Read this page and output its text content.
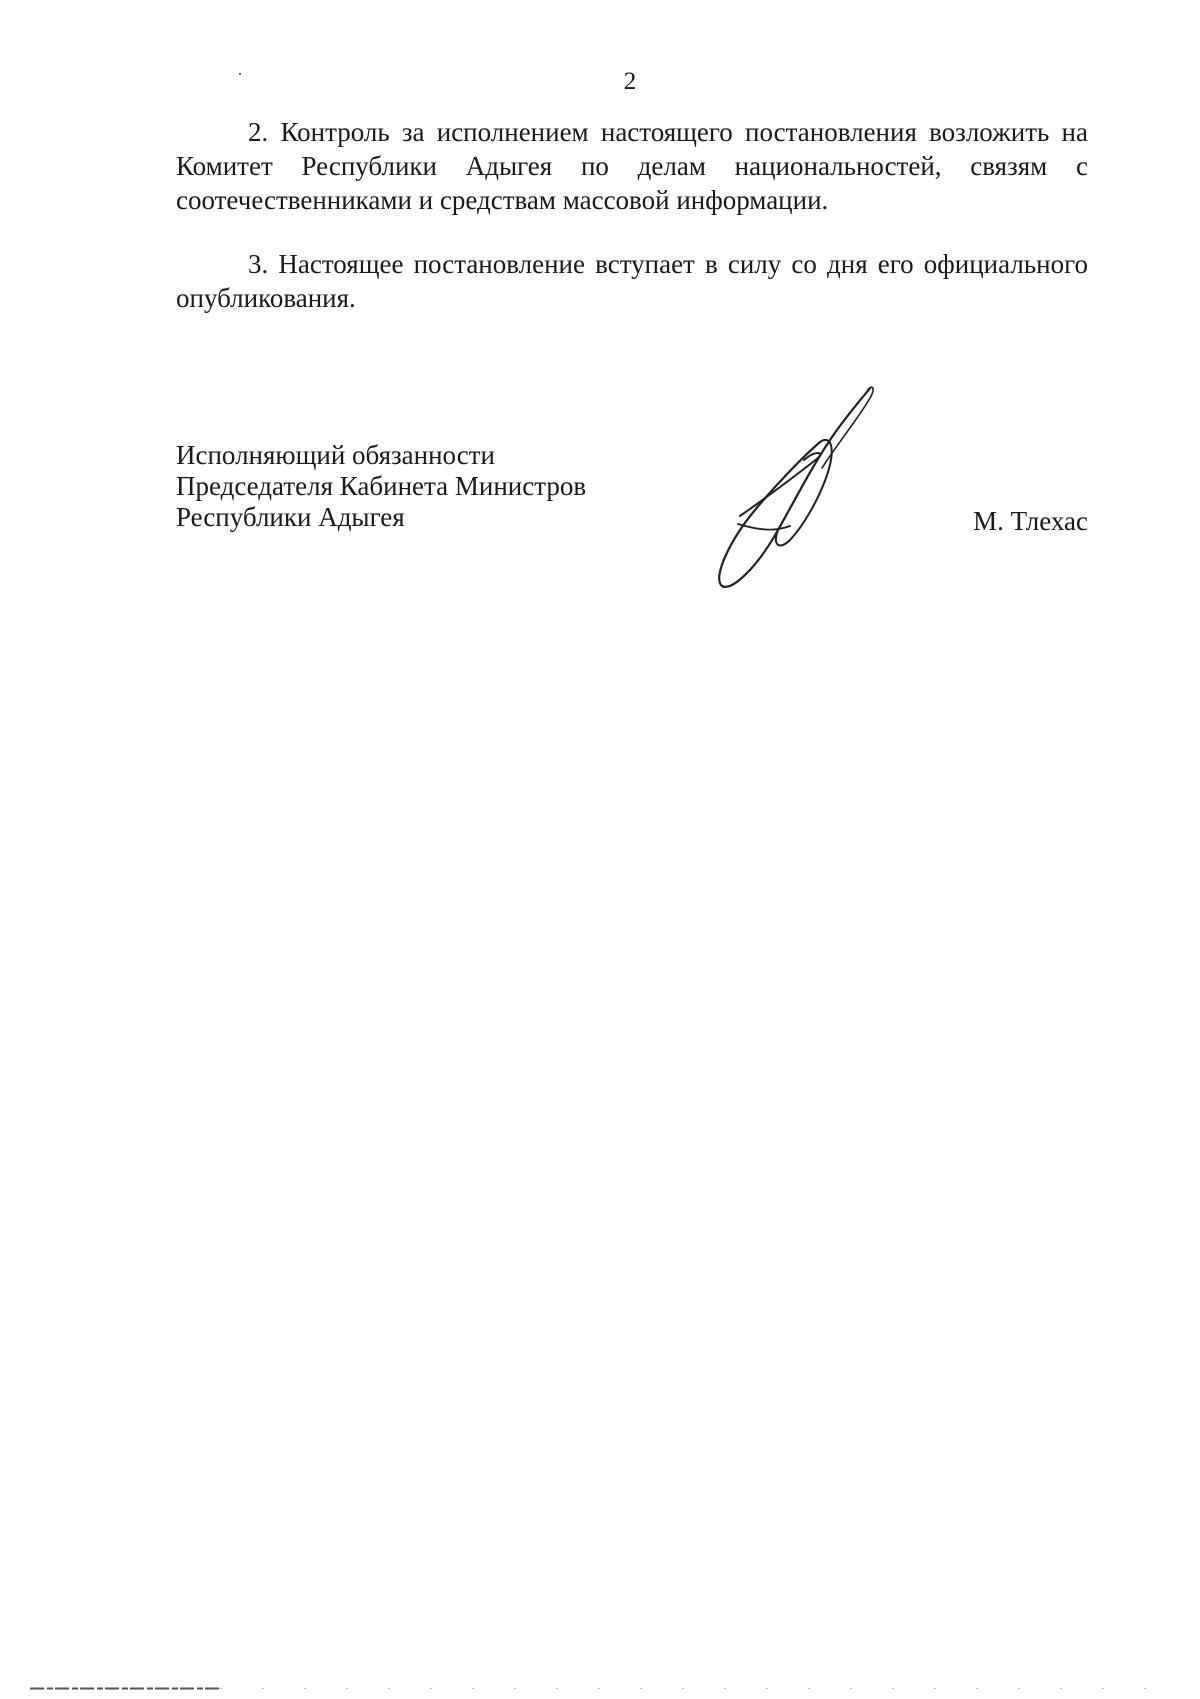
2

2. Контроль за исполнением настоящего постановления возложить на Комитет Республики Адыгея по делам национальностей, связям с соотечественниками и средствам массовой информации.

3. Настоящее постановление вступает в силу со дня его официального опубликования.

Исполняющий обязанности
Председателя Кабинета Министров
Республики Адыгея	М. Тлехас
